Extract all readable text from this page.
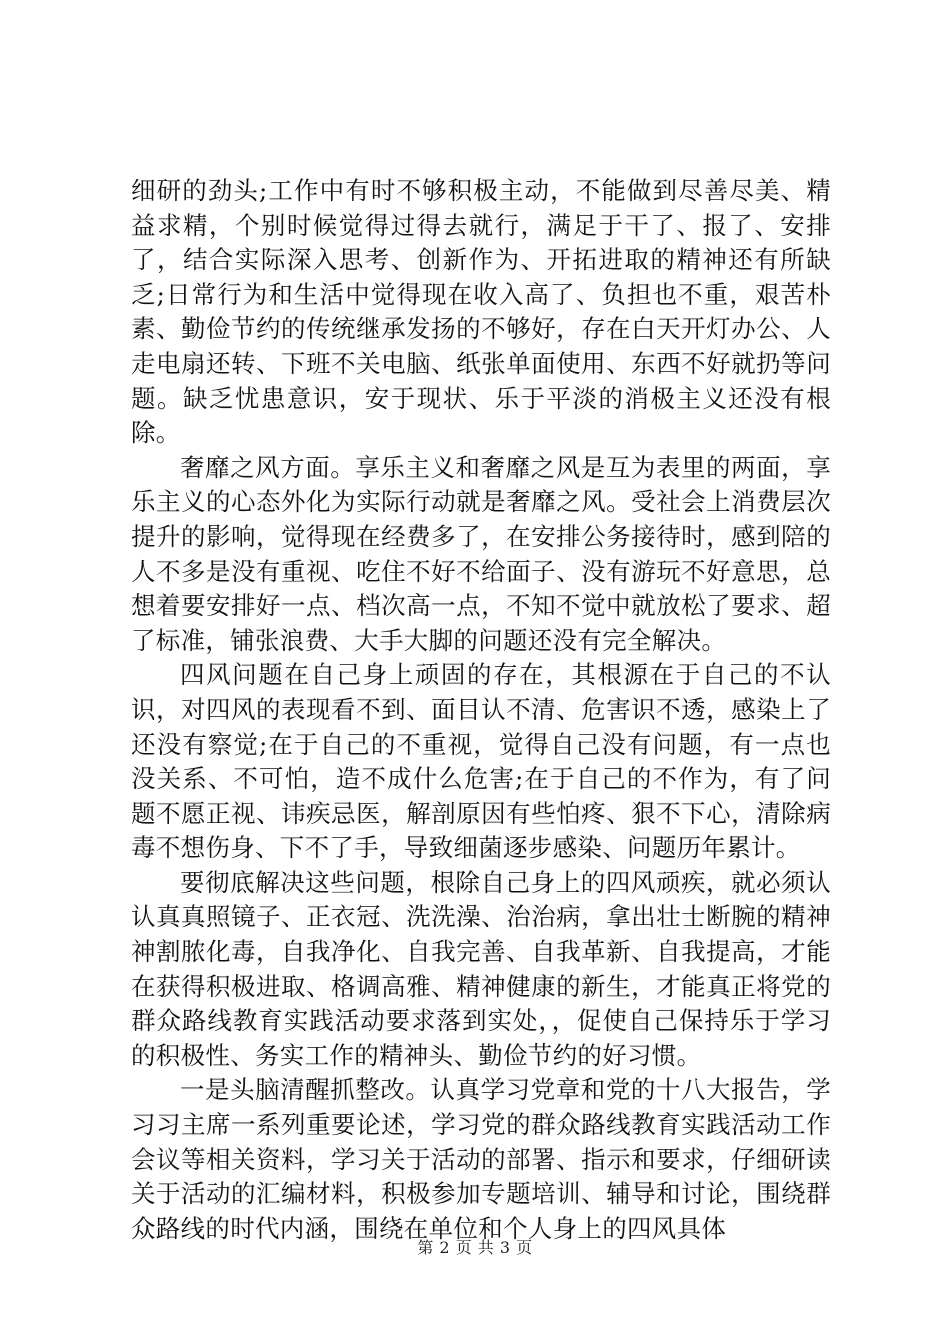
细研的劲头;工作中有时不够积极主动，不能做到尽善尽美、精益求精，个别时候觉得过得去就行，满足于干了、报了、安排了，结合实际深入思考、创新作为、开拓进取的精神还有所缺乏;日常行为和生活中觉得现在收入高了、负担也不重，艰苦朴素、勤俭节约的传统继承发扬的不够好，存在白天开灯办公、人走电扇还转、下班不关电脑、纸张单面使用、东西不好就扔等问题。缺乏忧患意识，安于现状、乐于平淡的消极主义还没有根除。

奢靡之风方面。享乐主义和奢靡之风是互为表里的两面，享乐主义的心态外化为实际行动就是奢靡之风。受社会上消费层次提升的影响，觉得现在经费多了，在安排公务接待时，感到陪的人不多是没有重视、吃住不好不给面子、没有游玩不好意思，总想着要安排好一点、档次高一点，不知不觉中就放松了要求、超了标准，铺张浪费、大手大脚的问题还没有完全解决。

四风问题在自己身上顽固的存在，其根源在于自己的不认识，对四风的表现看不到、面目认不清、危害识不透，感染上了还没有察觉;在于自己的不重视，觉得自己没有问题，有一点也没关系、不可怕，造不成什么危害;在于自己的不作为，有了问题不愿正视、讳疾忌医，解剖原因有些怕疼、狠不下心，清除病毒不想伤身、下不了手，导致细菌逐步感染、问题历年累计。

要彻底解决这些问题，根除自己身上的四风顽疾，就必须认认真真照镜子、正衣冠、洗洗澡、治治病，拿出壮士断腕的精神神割脓化毒，自我净化、自我完善、自我革新、自我提高，才能在获得积极进取、格调高雅、精神健康的新生，才能真正将党的群众路线教育实践活动要求落到实处，，促使自己保持乐于学习的积极性、务实工作的精神头、勤俭节约的好习惯。

一是头脑清醒抓整改。认真学习党章和党的十八大报告，学习习主席一系列重要论述，学习党的群众路线教育实践活动工作会议等相关资料，学习关于活动的部署、指示和要求，仔细研读关于活动的汇编材料，积极参加专题培训、辅导和讨论，围绕群众路线的时代内涵，围绕在单位和个人身上的四风具体

第 2 页 共 3 页
